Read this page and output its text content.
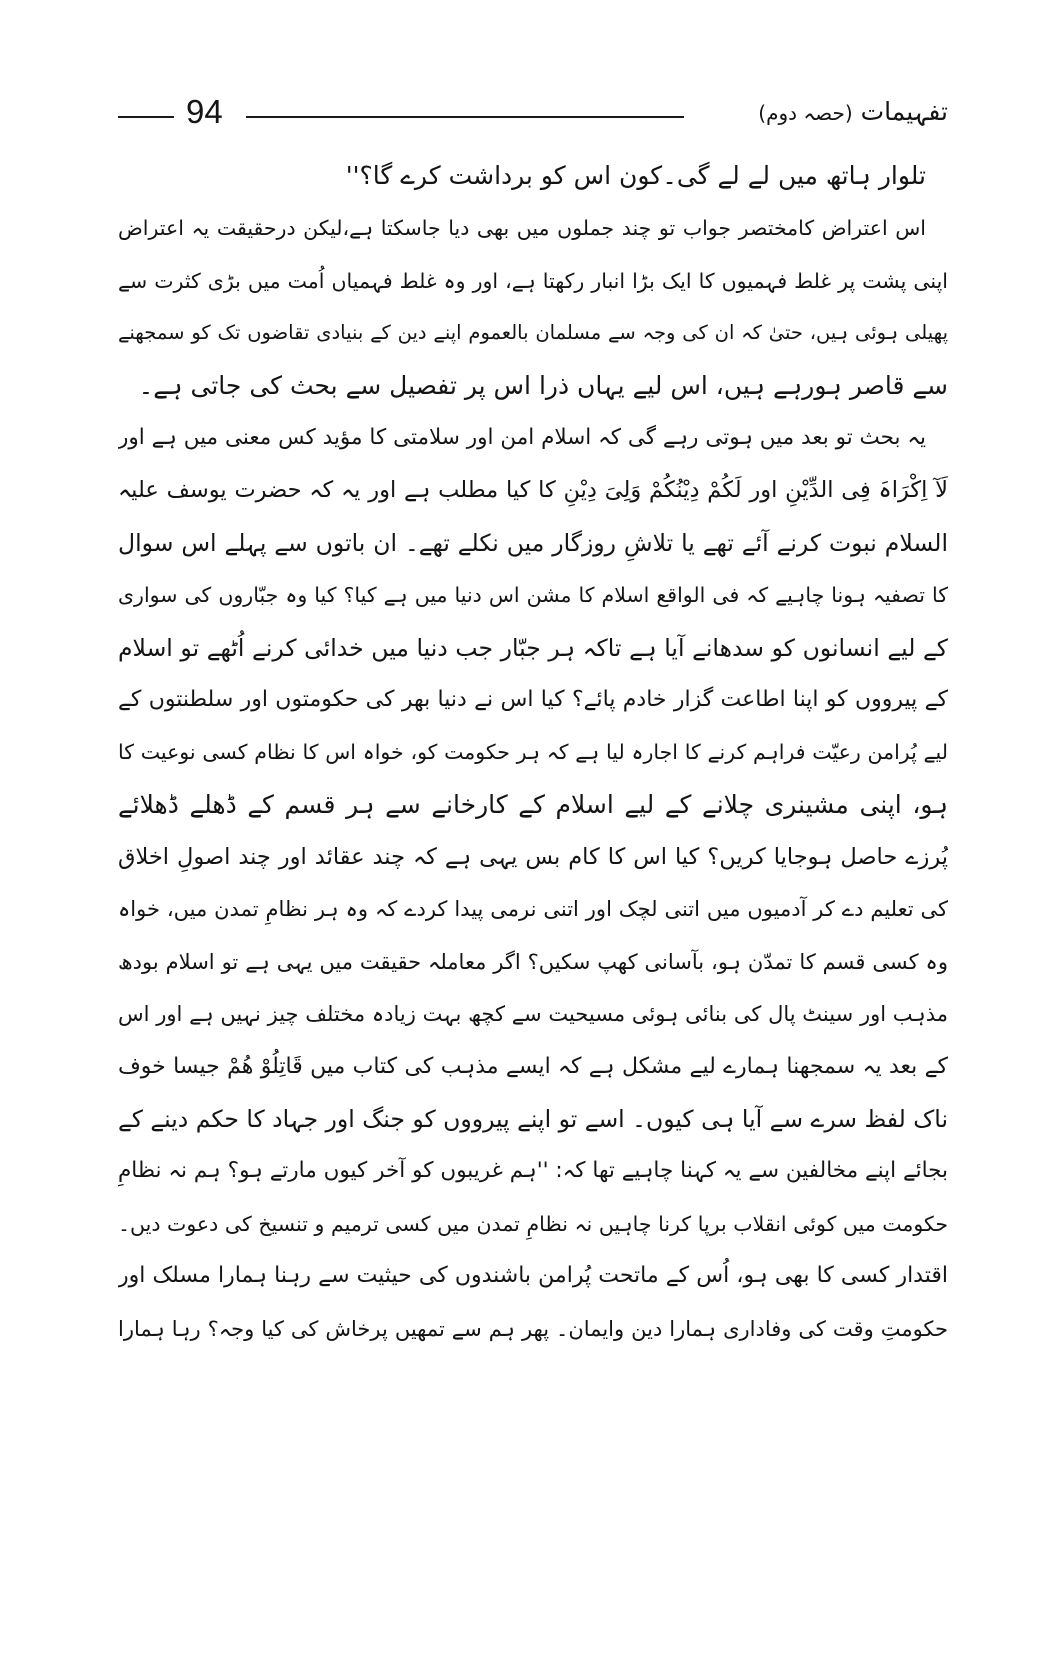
94	تفہیمات (حصہ دوم)
تلوار ہاتھ میں لے لے گی۔کون اس کو برداشت کرے گا؟''
اس اعتراض کامختصر جواب تو چند جملوں میں بھی دیا جاسکتا ہے،لیکن درحقیقت یہ اعتراض
اپنی پشت پر غلط فہمیوں کا ایک بڑا انبار رکھتا ہے، اور وہ غلط فہمیاں اُمت میں بڑی کثرت سے
پھیلی ہوئی ہیں، حتیٰ کہ ان کی وجہ سے مسلمان بالعموم اپنے دین کے بنیادی تقاضوں تک کو سمجھنے
سے قاصر ہورہے ہیں، اس لیے یہاں ذرا اس پر تفصیل سے بحث کی جاتی ہے۔
یہ بحث تو بعد میں ہوتی رہے گی کہ اسلام امن اور سلامتی کا مؤید کس معنی میں ہے اور
لَآ اِکْرَاہَ فِی الدِّیْنِ اور لَکُمْ دِیْنُکُمْ وَلِیَ دِیْنِ کا کیا مطلب ہے اور یہ کہ حضرت یوسف علیہ
السلام نبوت کرنے آئے تھے یا تلاشِ روزگار میں نکلے تھے۔ ان باتوں سے پہلے اس سوال
کا تصفیہ ہونا چاہیے کہ فی الواقع اسلام کا مشن اس دنیا میں ہے کیا؟ کیا وہ جبّاروں کی سواری
کے لیے انسانوں کو سدھانے آیا ہے تاکہ ہر جبّار جب دنیا میں خدائی کرنے اُٹھے تو اسلام
کے پیرووں کو اپنا اطاعت گزار خادم پائے؟ کیا اس نے دنیا بھر کی حکومتوں اور سلطنتوں کے
لیے پُرامن رعیّت فراہم کرنے کا اجارہ لیا ہے کہ ہر حکومت کو، خواہ اس کا نظام کسی نوعیت کا
ہو، اپنی مشینری چلانے کے لیے اسلام کے کارخانے سے ہر قسم کے ڈھلے ڈھلائے
پُرزے حاصل ہوجایا کریں؟ کیا اس کا کام بس یہی ہے کہ چند عقائد اور چند اصولِ اخلاق
کی تعلیم دے کر آدمیوں میں اتنی لچک اور اتنی نرمی پیدا کردے کہ وہ ہر نظامِ تمدن میں، خواہ
وہ کسی قسم کا تمدّن ہو، بآسانی کھپ سکیں؟ اگر معاملہ حقیقت میں یہی ہے تو اسلام بودھ
مذہب اور سینٹ پال کی بنائی ہوئی مسیحیت سے کچھ بہت زیادہ مختلف چیز نہیں ہے اور اس
کے بعد یہ سمجھنا ہمارے لیے مشکل ہے کہ ایسے مذہب کی کتاب میں قَاتِلُوْ ھُمْ جیسا خوف
ناک لفظ سرے سے آیا ہی کیوں۔ اسے تو اپنے پیرووں کو جنگ اور جہاد کا حکم دینے کے
بجائے اپنے مخالفین سے یہ کہنا چاہیے تھا کہ: ''ہم غریبوں کو آخر کیوں مارتے ہو؟ ہم نہ نظامِ
حکومت میں کوئی انقلاب برپا کرنا چاہیں نہ نظامِ تمدن میں کسی ترمیم و تنسیخ کی دعوت دیں۔
اقتدار کسی کا بھی ہو، اُس کے ماتحت پُرامن باشندوں کی حیثیت سے رہنا ہمارا مسلک اور
حکومتِ وقت کی وفاداری ہمارا دین وایمان۔ پھر ہم سے تمھیں پرخاش کی کیا وجہ؟ رہا ہمارا
